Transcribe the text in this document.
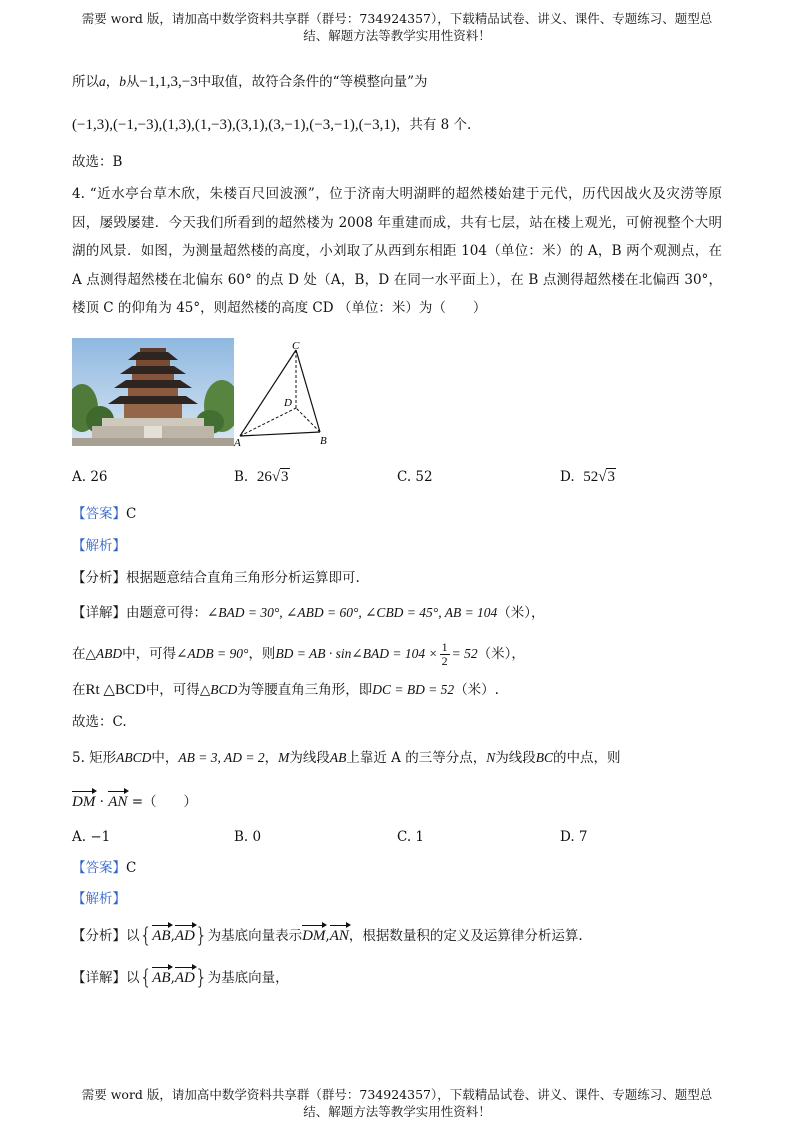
需要 word 版，请加高中数学资料共享群（群号：734924357），下载精品试卷、讲义、课件、专题练习、题型总
结、解题方法等教学实用性资料！
所以a，b从−1,1,3,−3中取值，故符合条件的“等模整向量”为
(−1,3),(−1,−3),(1,3),(1,−3),(3,1),(3,−1),(−3,−1),(−3,1)，共有 8 个.
故选：B
4. “近水亭台草木欣，朱楼百尺回波滪”，位于济南大明湖畔的超然楼始建于元代，历代因战火及灾涝等原因，屡毁屡建．今天我们所看到的超然楼为 2008 年重建而成，共有七层，站在楼上观光，可俯视整个大明湖的风景．如图，为测量超然楼的高度，小刘取了从西到东相距 104（单位：米）的 A，B 两个观测点，在 A 点测得超然楼在北偏东 60° 的点 D 处（A，B，D 在同一水平面上），在 B 点测得超然楼在北偏西 30°，楼顶 C 的仰角为 45°，则超然楼的高度 CD （单位：米）为（　　）
C
D
A	B
A. 26	B. 26√3	C. 52	D. 52√3
【答案】C
【解析】
【分析】根据题意结合直角三角形分析运算即可.
【详解】由题意可得：∠BAD = 30°, ∠ABD = 60°, ∠CBD = 45°, AB = 104（米），
在△ABD中，可得∠ADB = 90°，则BD = AB · sin∠BAD = $104 \times \frac{1}{2} = 52$（米），
在Rt △BCD中，可得△BCD为等腰直角三角形，即DC = BD = 52（米）.
故选：C.
5. 矩形ABCD中，AB = 3, AD = 2，M为线段AB上靠近 A 的三等分点，N为线段BC的中点，则
DM · AN =（　　）
A. −1	B. 0	C. 1	D. 7
【答案】C
【解析】
【分析】以{AB,AD}为基底向量表示DM,AN，根据数量积的定义及运算律分析运算.
【详解】以{AB,AD}为基底向量，
需要 word 版，请加高中数学资料共享群（群号：734924357），下载精品试卷、讲义、课件、专题练习、题型总
结、解题方法等教学实用性资料！
